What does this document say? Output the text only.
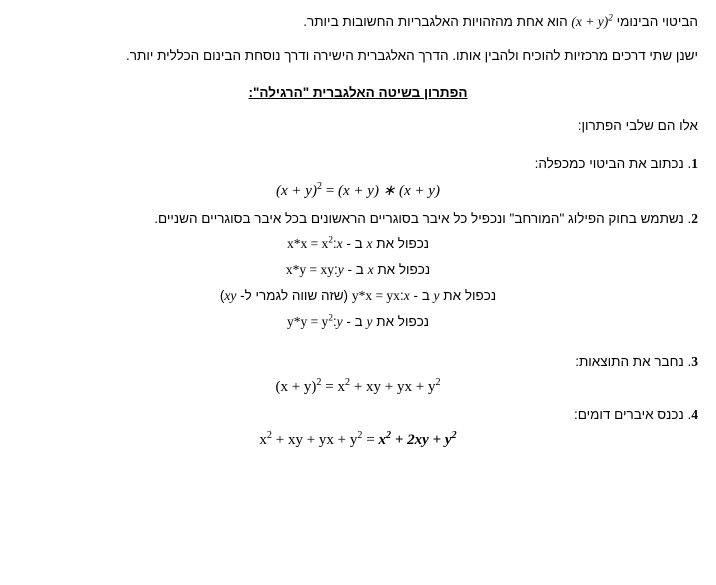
הביטוי הבינומי $(x + y)^2$ הוא אחת מהזהויות האלגבריות החשובות ביותר.

ישנן שתי דרכים מרכזיות להוכיח ולהבין אותו. הדרך האלגברית הישירה ודרך נוסחת הבינום הכללית יותר.

הפתרון בשיטה האלגברית "הרגילה":

אלו הם שלבי הפתרון:

1. נכתוב את הביטוי כמכפלה:

$(x + y)^2 = (x + y)$ ∗ (x + y)

2. נשתמש בחוק הפילוג "המורחב" ונכפיל כל איבר בסוגריים הראשונים בכל איבר בסוגריים השניים.

נכפול את x ב - x:x*x = $x^2$

נכפול את x ב - y:x*y = xy

נכפול את y ב - x:y*x = yx (שזה שווה לגמרי ל- xy)

נכפול את y ב - y:y*y = $y^2$

3. נחבר את התוצאות:

$(x + y)^2 = x^2$ + xy + yx + $y^2$

4. נכנס איברים דומים:

$x^2$ + xy + yx + $y^2 = x^2 + 2xy + y^2$
